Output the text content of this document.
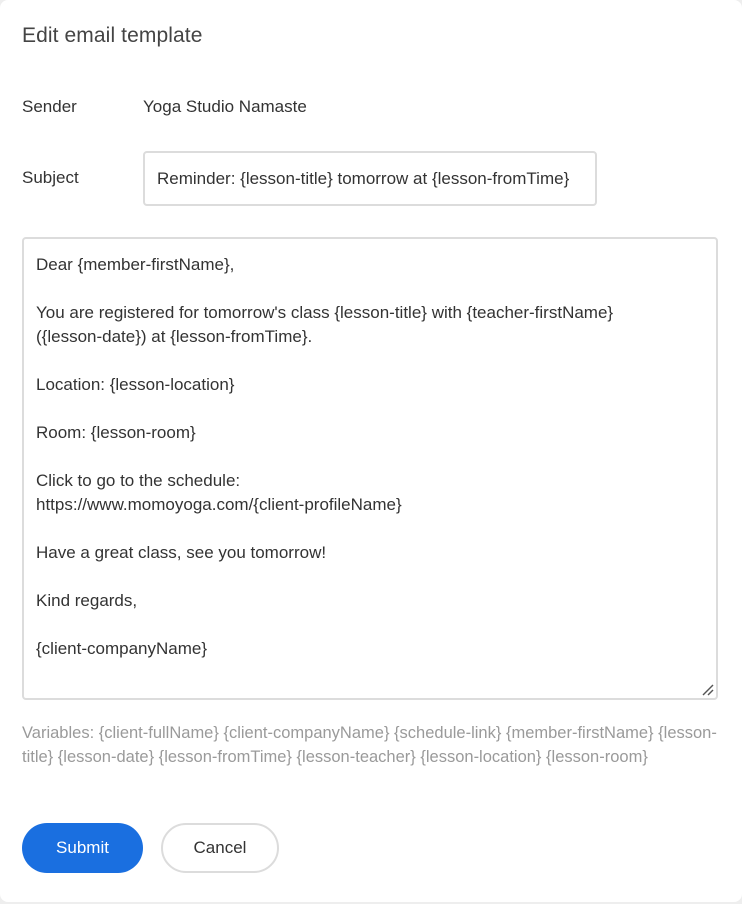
Edit email template
Sender	Yoga Studio Namaste
Subject
Reminder: {lesson-title} tomorrow at {lesson-fromTime}

Dear {member-firstName},

You are registered for tomorrow's class {lesson-title} with {teacher-firstName}
({lesson-date}) at {lesson-fromTime}.

Location: {lesson-location}

Room: {lesson-room}

Click to go to the schedule:
https://www.momoyoga.com/{client-profileName}

Have a great class, see you tomorrow!

Kind regards,

{client-companyName}

Variables: {client-fullName} {client-companyName} {schedule-link} {member-firstName} {lesson-title} {lesson-date} {lesson-fromTime} {lesson-teacher} {lesson-location} {lesson-room}
Submit	Cancel
